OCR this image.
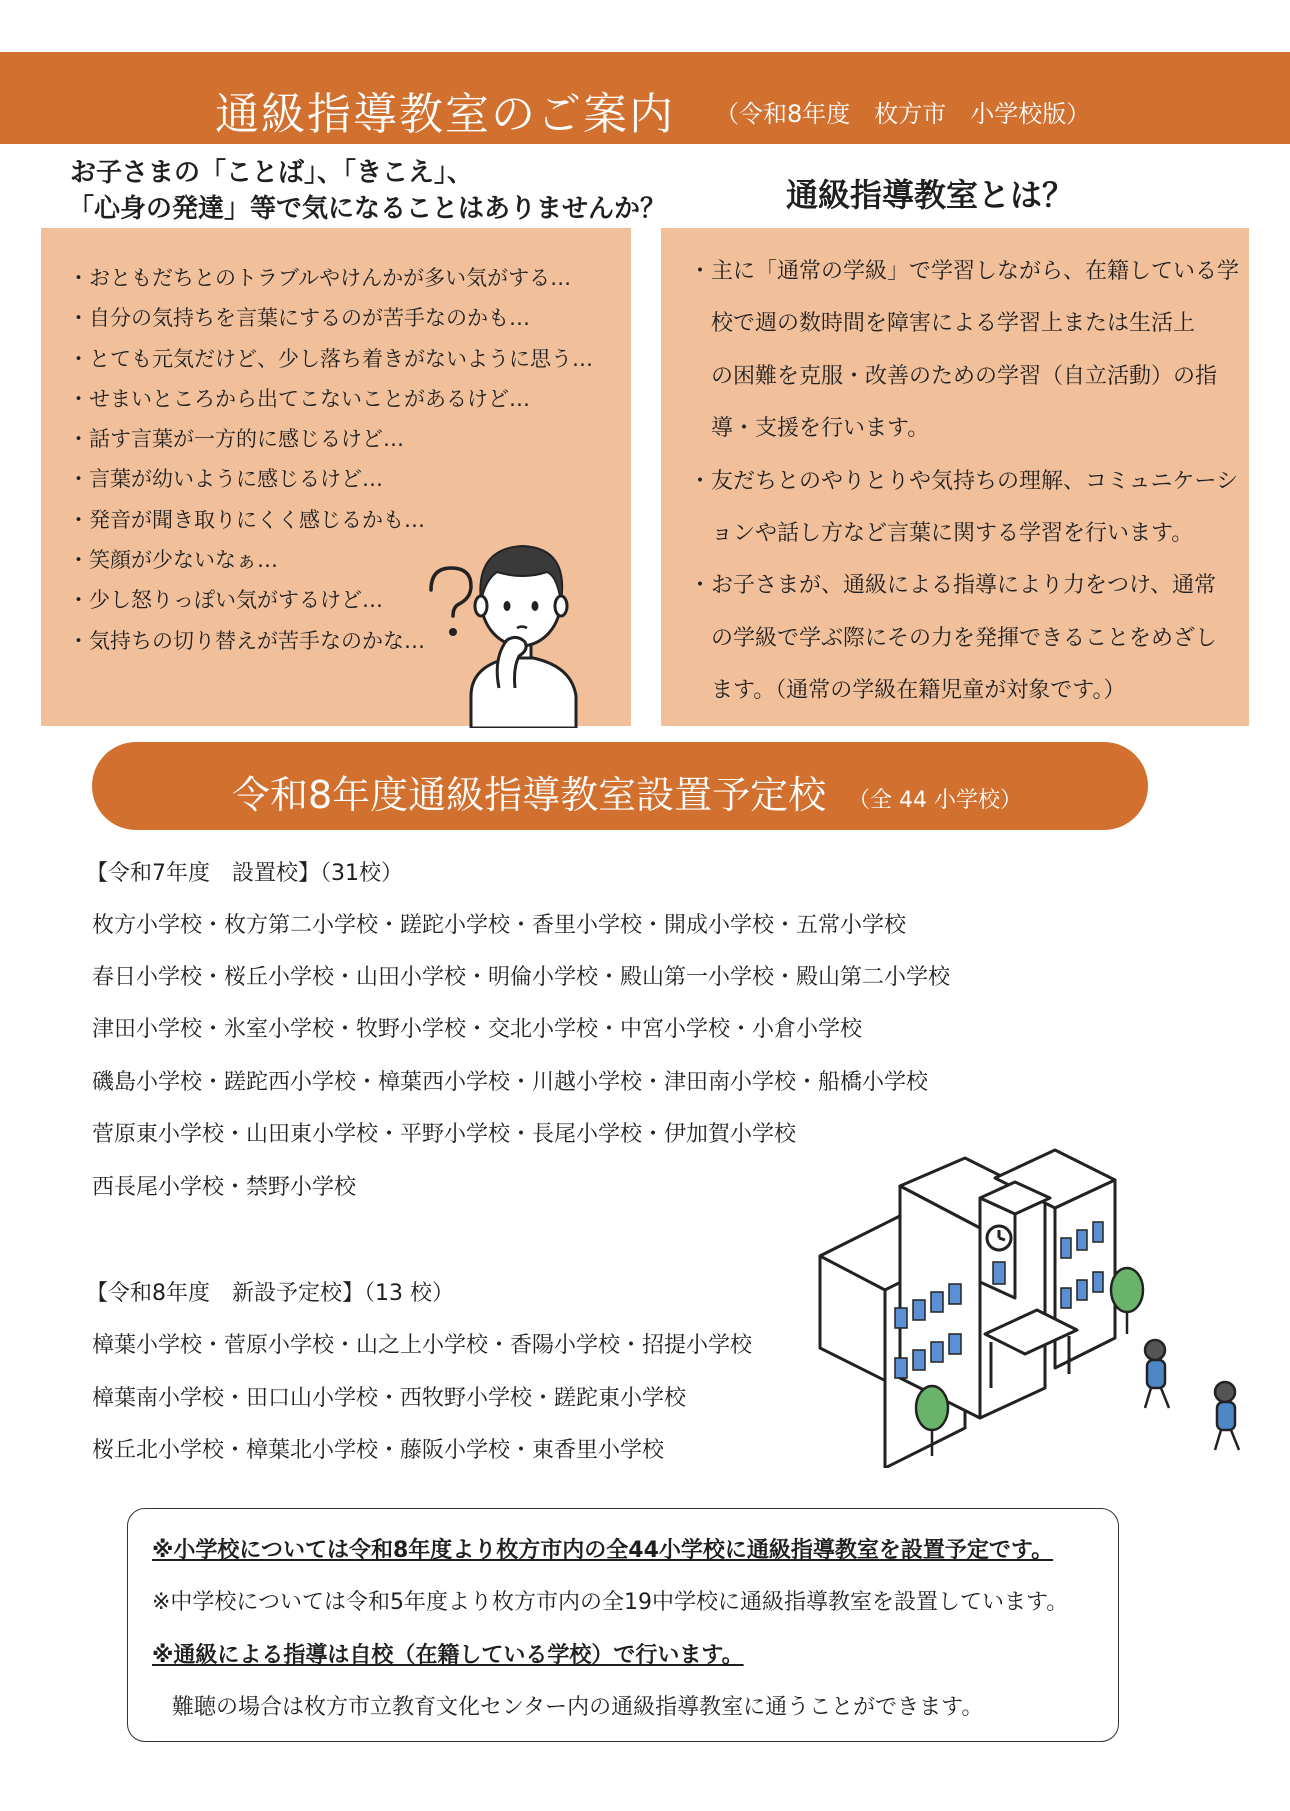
通級指導教室のご案内 （令和8年度　枚方市　小学校版）
お子さまの「ことば」、「きこえ」、
「心身の発達」等で気になることはありませんか？	通級指導教室とは？
・おともだちとのトラブルやけんかが多い気がする…
・自分の気持ちを言葉にするのが苦手なのかも…
・とても元気だけど、少し落ち着きがないように思う…
・せまいところから出てこないことがあるけど…
・話す言葉が一方的に感じるけど…
・言葉が幼いように感じるけど…
・発音が聞き取りにくく感じるかも…
・笑顔が少ないなぁ…
・少し怒りっぽい気がするけど…
・気持ちの切り替えが苦手なのかな…
・主に「通常の学級」で学習しながら、在籍している学
　校で週の数時間を障害による学習上または生活上
　の困難を克服・改善のための学習（自立活動）の指
　導・支援を行います。
・友だちとのやりとりや気持ちの理解、コミュニケーシ
　ョンや話し方など言葉に関する学習を行います。
・お子さまが、通級による指導により力をつけ、通常
　の学級で学ぶ際にその力を発揮できることをめざし
　ます。（通常の学級在籍児童が対象です。）
令和8年度通級指導教室設置予定校 （全 44 小学校）
【令和7年度　設置校】（31校）
枚方小学校・枚方第二小学校・蹉跎小学校・香里小学校・開成小学校・五常小学校
春日小学校・桜丘小学校・山田小学校・明倫小学校・殿山第一小学校・殿山第二小学校
津田小学校・氷室小学校・牧野小学校・交北小学校・中宮小学校・小倉小学校
磯島小学校・蹉跎西小学校・樟葉西小学校・川越小学校・津田南小学校・船橋小学校
菅原東小学校・山田東小学校・平野小学校・長尾小学校・伊加賀小学校
西長尾小学校・禁野小学校
【令和8年度　新設予定校】（13 校）
樟葉小学校・菅原小学校・山之上小学校・香陽小学校・招提小学校
樟葉南小学校・田口山小学校・西牧野小学校・蹉跎東小学校
桜丘北小学校・樟葉北小学校・藤阪小学校・東香里小学校
※小学校については令和8年度より枚方市内の全44小学校に通級指導教室を設置予定です。
※中学校については令和5年度より枚方市内の全19中学校に通級指導教室を設置しています。
※通級による指導は自校（在籍している学校）で行います。
難聴の場合は枚方市立教育文化センター内の通級指導教室に通うことができます。
